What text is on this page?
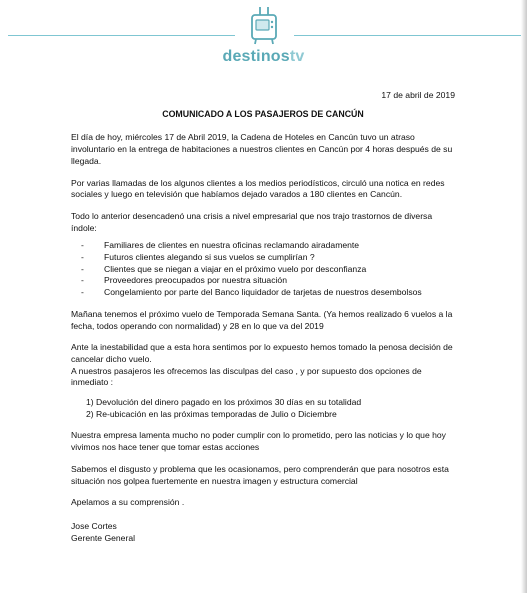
destinostv
17 de abril de 2019
COMUNICADO A LOS PASAJEROS DE CANCÚN

El día de hoy, miércoles 17 de Abril 2019, la Cadena de Hoteles en Cancún tuvo un atraso involuntario en la entrega de habitaciones a nuestros clientes en Cancún por 4 horas después de su llegada.

Por varias llamadas de los algunos clientes a los medios periodísticos, circuló una notica en redes sociales y luego en televisión que habíamos dejado varados a 180 clientes en Cancún.

Todo lo anterior desencadenó una crisis a nivel empresarial que nos trajo trastornos de diversa índole:

- Familiares de clientes en nuestra oficinas reclamando airadamente
- Futuros clientes alegando si sus vuelos se cumplirían ?
- Clientes que se niegan a viajar en el próximo vuelo por desconfianza
- Proveedores preocupados por nuestra situación
- Congelamiento por parte del Banco liquidador de tarjetas de nuestros desembolsos

Mañana tenemos el próximo vuelo de Temporada Semana Santa. (Ya hemos realizado 6 vuelos a la fecha, todos operando con normalidad) y 28 en lo que va del 2019

Ante la inestabilidad que a esta hora sentimos por lo expuesto hemos tomado la penosa decisión de cancelar dicho vuelo.

A nuestros pasajeros les ofrecemos las disculpas del caso , y por supuesto dos opciones de inmediato :

1) Devolución del dinero pagado en los próximos 30 días en su totalidad
2) Re-ubicación en las próximas temporadas de Julio o Diciembre

Nuestra empresa lamenta mucho no poder cumplir con lo prometido, pero las noticias y lo que hoy vivimos nos hace tener que tomar estas acciones

Sabemos el disgusto y problema que les ocasionamos, pero comprenderán que para nosotros esta situación nos golpea fuertemente en nuestra imagen y estructura comercial

Apelamos a su comprensión .

Jose Cortes
Gerente General
